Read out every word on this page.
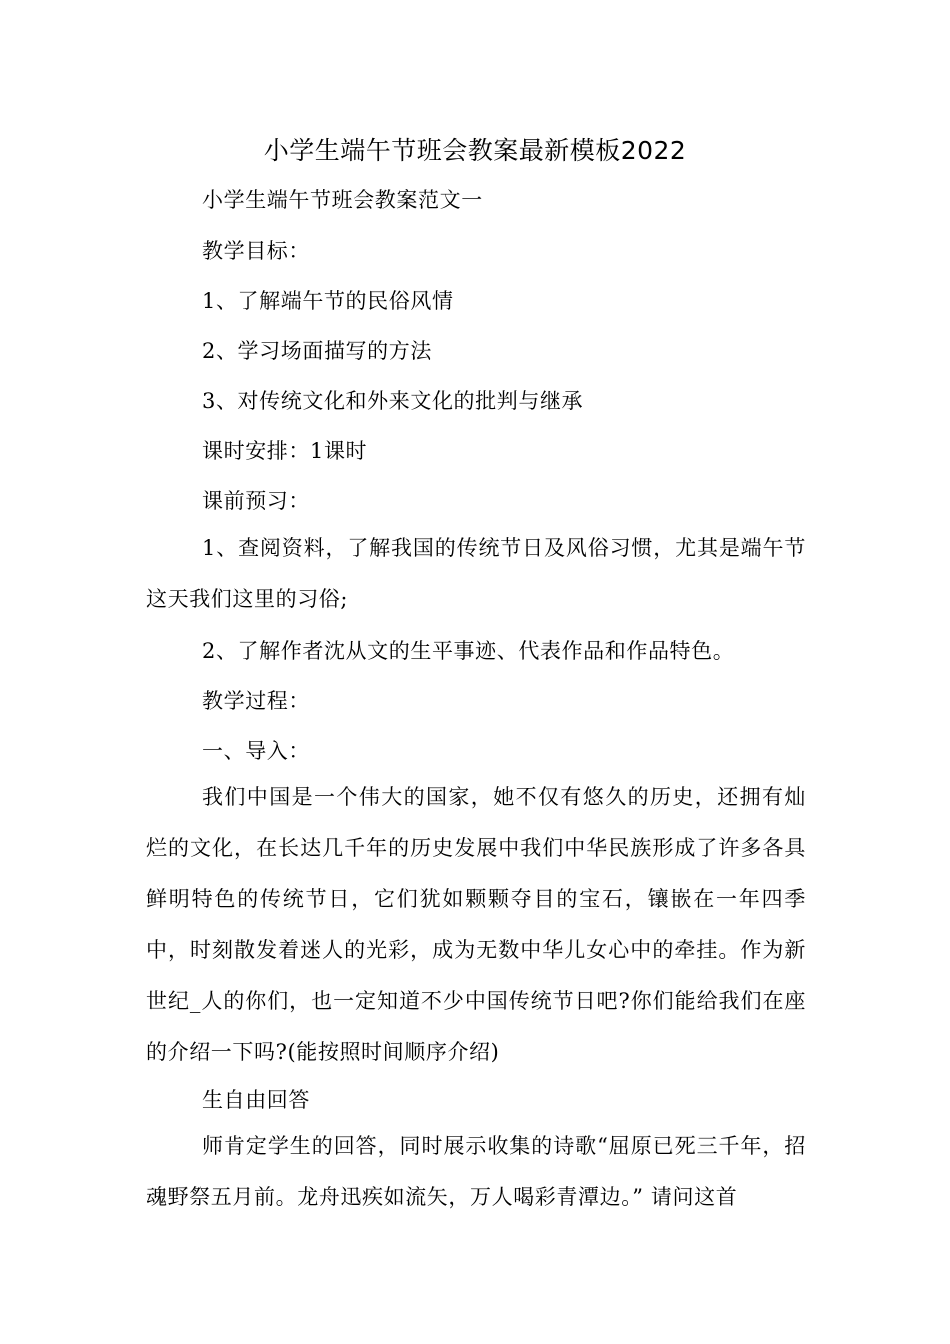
小学生端午节班会教案最新模板2022
小学生端午节班会教案范文一
教学目标：
1、了解端午节的民俗风情
2、学习场面描写的方法
3、对传统文化和外来文化的批判与继承
课时安排：1课时
课前预习：
1、查阅资料，了解我国的传统节日及风俗习惯，尤其是端午节这天我们这里的习俗;
2、了解作者沈从文的生平事迹、代表作品和作品特色。
教学过程：
一、导入：
我们中国是一个伟大的国家，她不仅有悠久的历史，还拥有灿烂的文化，在长达几千年的历史发展中我们中华民族形成了许多各具鲜明特色的传统节日，它们犹如颗颗夺目的宝石，镶嵌在一年四季中，时刻散发着迷人的光彩，成为无数中华儿女心中的牵挂。作为新世纪_人的你们，也一定知道不少中国传统节日吧?你们能给我们在座的介绍一下吗?(能按照时间顺序介绍)
生自由回答
师肯定学生的回答，同时展示收集的诗歌“屈原已死三千年，招魂野祭五月前。龙舟迅疾如流矢，万人喝彩青潭边。” 请问这首
